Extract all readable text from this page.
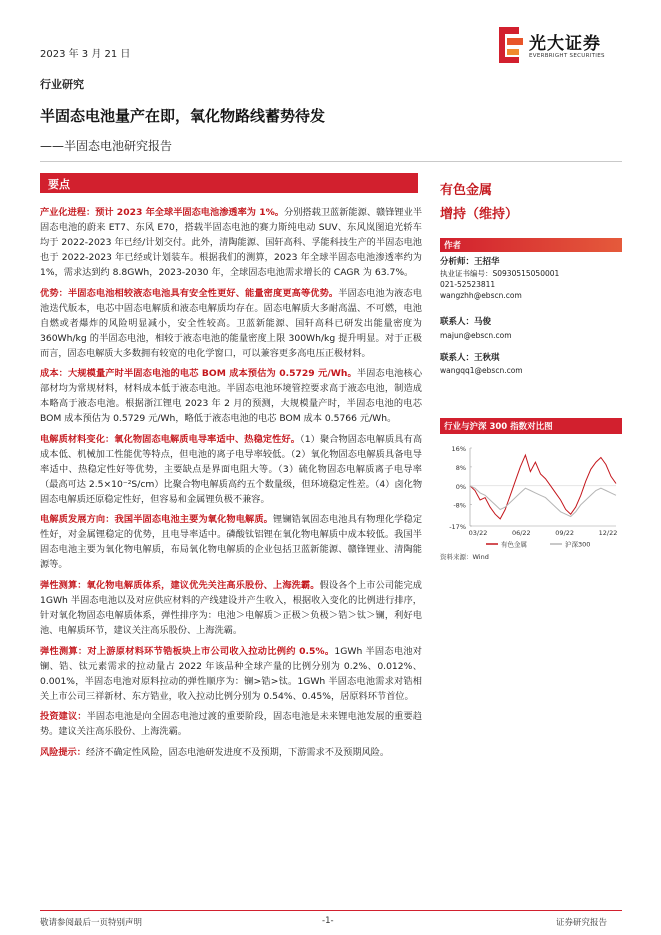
2023 年 3 月 21 日
光大证券
EVERBRIGHT SECURITIES
行业研究
半固态电池量产在即，氧化物路线蓄势待发
——半固态电池研究报告
要点

产业化进程：预计 2023 年全球半固态电池渗透率为 1%。分别搭载卫蓝新能源、赣锋锂业半固态电池的蔚来 ET7、东风 E70，搭载半固态电池的赛力斯纯电动 SUV、东风岚图追光轿车均于 2022-2023 年已经/计划交付。此外，清陶能源、国轩高科、孚能科技生产的半固态电池也于 2022-2023 年已经或计划装车。根据我们的测算，2023 年全球半固态电池渗透率约为 1%，需求达到约 8.8GWh，2023-2030 年，全球固态电池需求增长的 CAGR 为 63.7%。

优势：半固态电池相较液态电池具有安全性更好、能量密度更高等优势。半固态电池为液态电池迭代版本，电芯中固态电解质和液态电解质均存在。固态电解质大多耐高温、不可燃，电池自燃或者爆炸的风险明显减小，安全性较高。卫蓝新能源、国轩高科已研发出能量密度为 360Wh/kg 的半固态电池，相较于液态电池的能量密度上限 300Wh/kg 提升明显。对于正极而言，固态电解质大多数拥有较宽的电化学窗口，可以兼容更多高电压正极材料。

成本：大规模量产时半固态电池的电芯 BOM 成本预估为 0.5729 元/Wh。半固态电池核心部材均为常规材料，材料成本低于液态电池。半固态电池环境管控要求高于液态电池，制造成本略高于液态电池。根据浙江锂电 2023 年 2 月的预测，大规模量产时，半固态电池的电芯 BOM 成本预估为 0.5729 元/Wh，略低于液态电池的电芯 BOM 成本 0.5766 元/Wh。

电解质材料变化：氧化物固态电解质电导率适中、热稳定性好。（1）聚合物固态电解质具有高成本低、机械加工性能优等特点，但电池的离子电导率较低。（2）氧化物固态电解质具备电导率适中、热稳定性好等优势，主要缺点是界面电阻大等。（3）硫化物固态电解质离子电导率（最高可达 2.5×10⁻²S/cm）比聚合物电解质高约五个数量级，但环境稳定性差。（4）卤化物固态电解质还原稳定性好，但容易和金属锂负极不兼容。

电解质发展方向：我国半固态电池主要为氧化物电解质。锂镧锆氧固态电池具有物理化学稳定性好，对金属锂稳定的优势，且电导率适中。磷酸钛铝锂在氧化物电解质中成本较低。我国半固态电池主要为氧化物电解质，布局氧化物电解质的企业包括卫蓝新能源、赣锋锂业、清陶能源等。

弹性测算：氧化物电解质体系，建议优先关注高乐股份、上海洗霸。假设各个上市公司能完成 1GWh 半固态电池以及对应供应材料的产线建设并产生收入，根据收入变化的比例进行排序，针对氧化物固态电解质体系，弹性排序为：电池＞电解质＞正极＞负极＞锆＞钛＞镧，利好电池、电解质环节，建议关注高乐股份、上海洗霸。

弹性测算：对上游原材料环节锆板块上市公司收入拉动比例约 0.5%。1GWh 半固态电池对镧、锆、钛元素需求的拉动量占 2022 年该品种全球产量的比例分别为 0.2%、0.012%、0.001%，半固态电池对原料拉动的弹性顺序为：镧>锆>钛。1GWh 半固态电池需求对锆相关上市公司三祥新材、东方锆业，收入拉动比例分别为 0.54%、0.45%，居原料环节首位。

投资建议：半固态电池是向全固态电池过渡的重要阶段，固态电池是未来锂电池发展的重要趋势。建议关注高乐股份、上海洗霸。

风险提示：经济不确定性风险，固态电池研发进度不及预期，下游需求不及预期风险。

有色金属
增持（维持）
作者
分析师：王招华
执业证书编号：S0930515050001
021-52523811
wangzhh@ebscn.com
联系人：马俊
majun@ebscn.com
联系人：王秋琪
wangqq1@ebscn.com
行业与沪深 300 指数对比图
16%
8%
0%
-8%
-17%
03/22	06/22	09/22	12/22
有色金属	沪深300
资料来源：Wind
敬请参阅最后一页特别声明	-1-	证券研究报告
